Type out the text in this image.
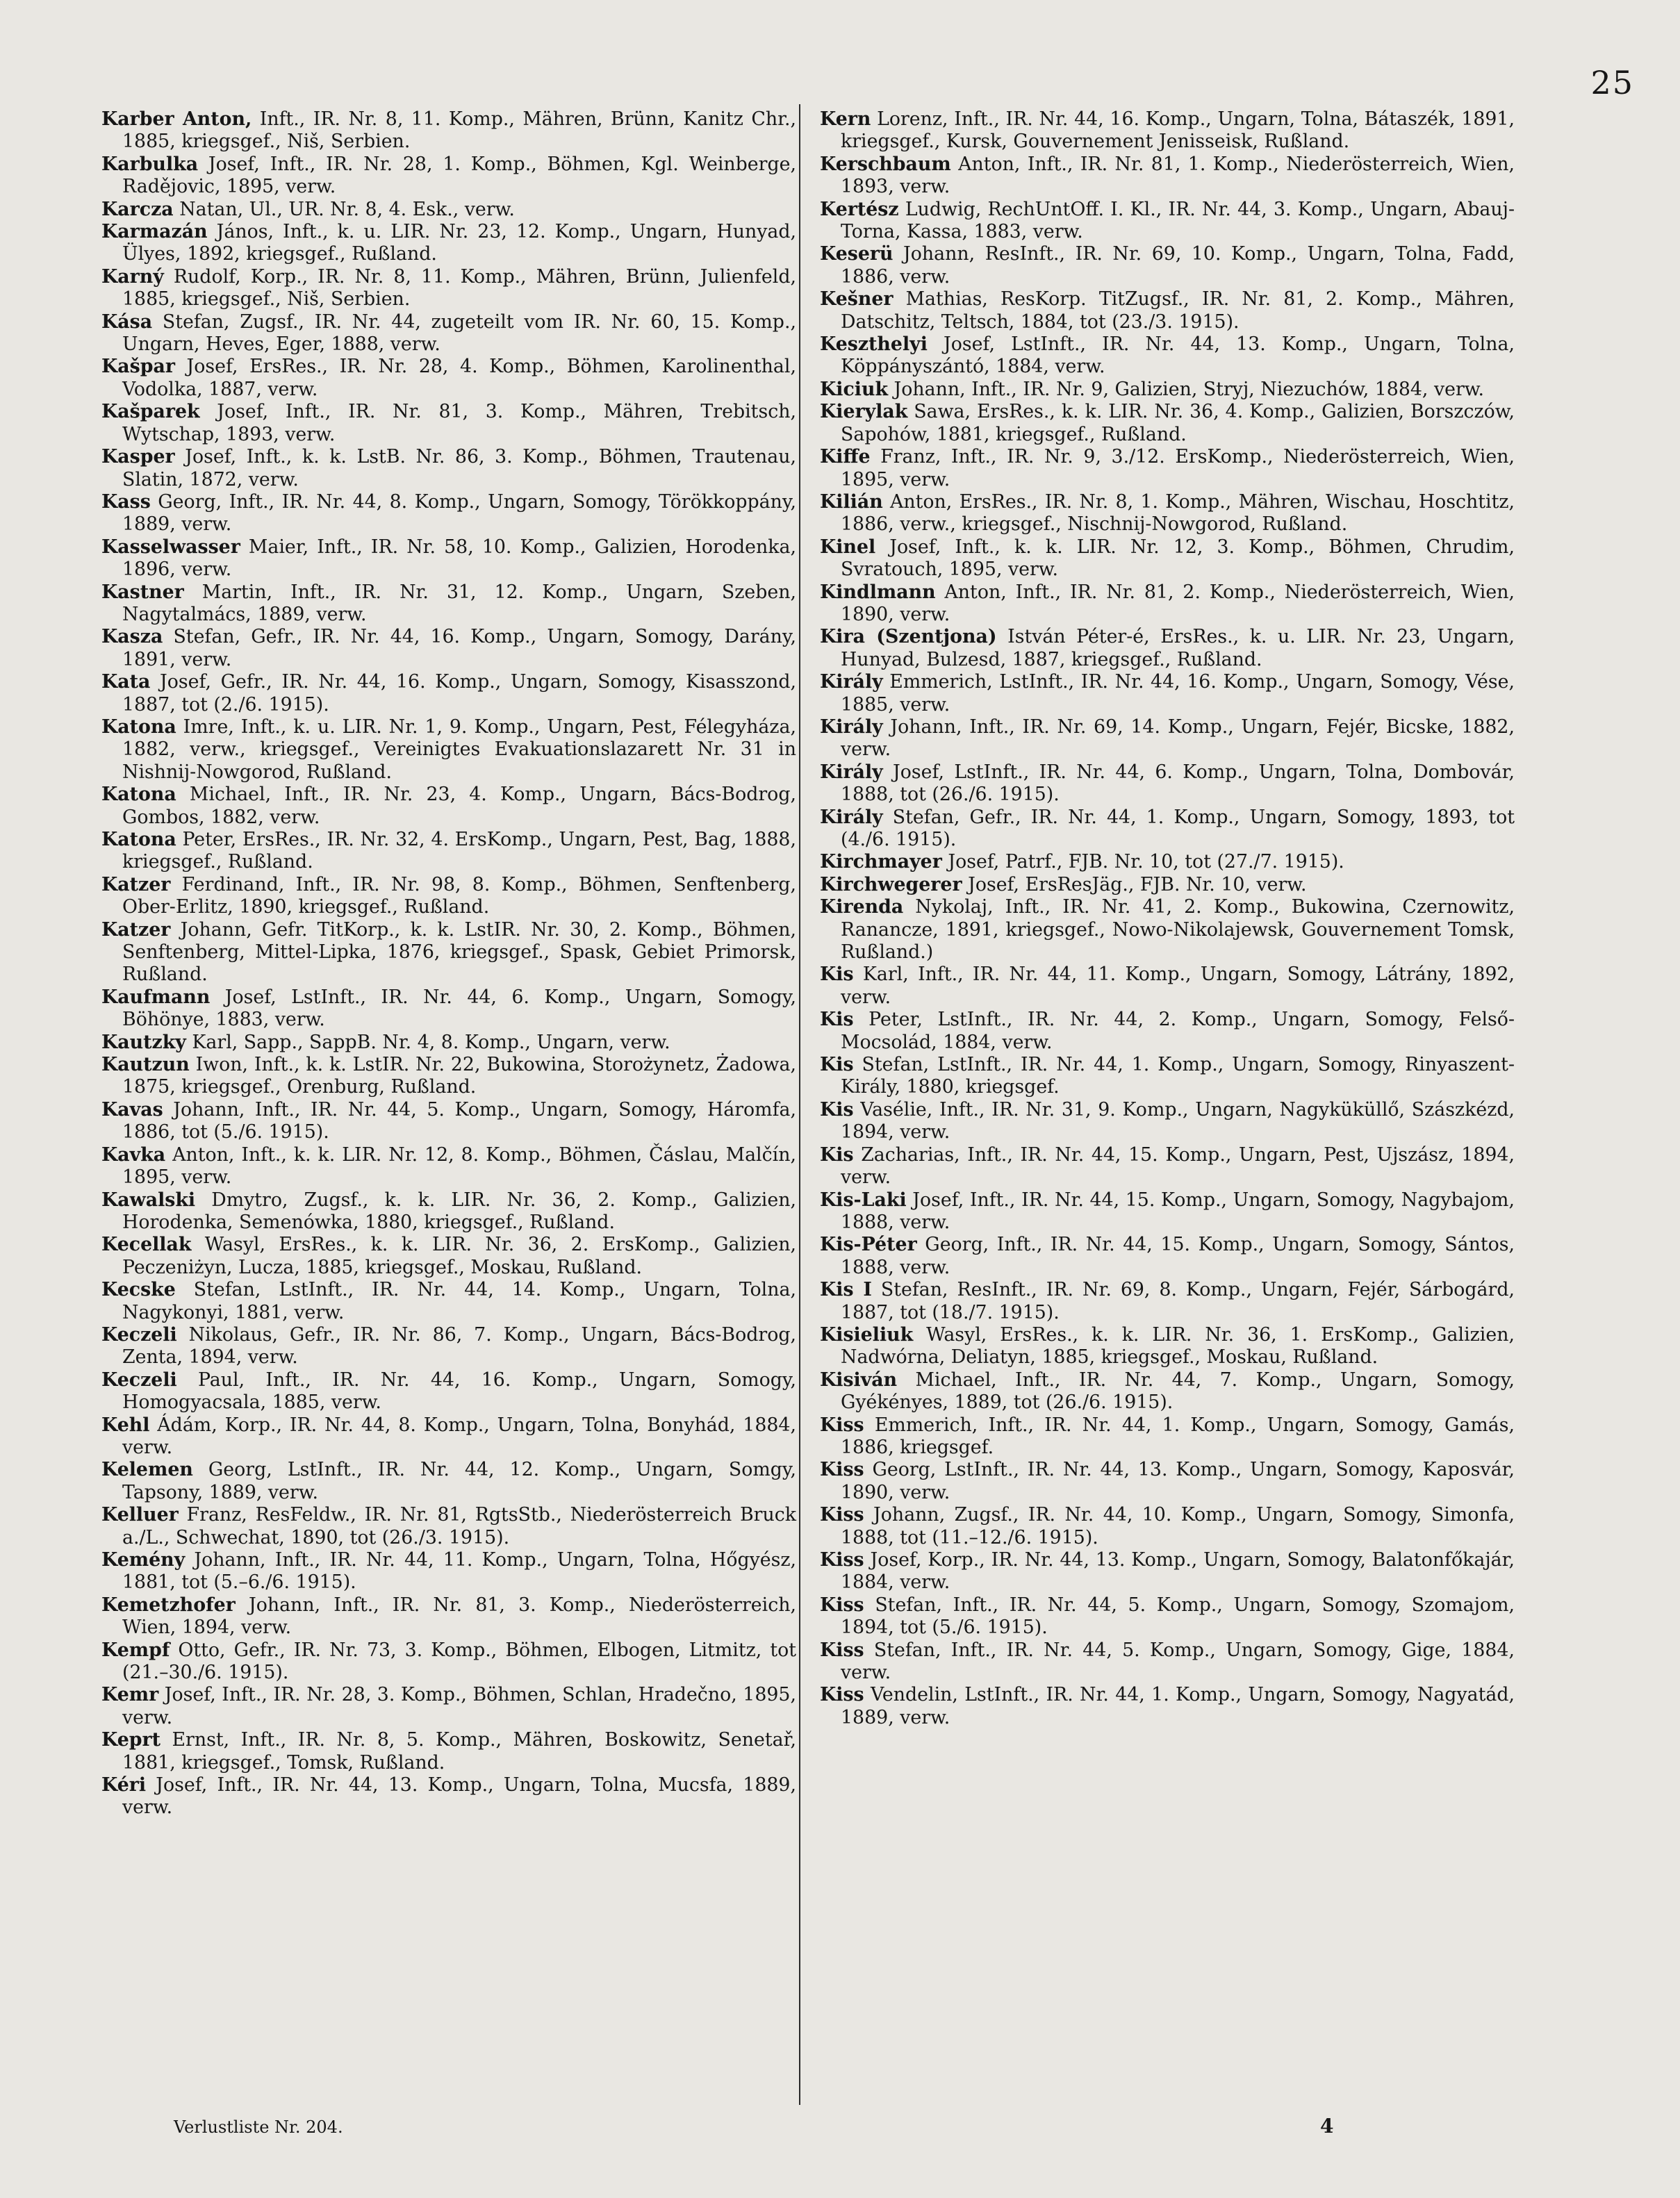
25

Karber Anton, Inft., IR. Nr. 8, 11. Komp., Mähren, Brünn, Kanitz Chr., 1885, kriegsgef., Niš, Serbien.

Karbulka Josef, Inft., IR. Nr. 28, 1. Komp., Böhmen, Kgl. Weinberge, Radějovic, 1895, verw.

Karcza Natan, Ul., UR. Nr. 8, 4. Esk., verw.

Karmazán János, Inft., k. u. LIR. Nr. 23, 12. Komp., Ungarn, Hunyad, Ülyes, 1892, kriegsgef., Rußland.

Karný Rudolf, Korp., IR. Nr. 8, 11. Komp., Mähren, Brünn, Julienfeld, 1885, kriegsgef., Niš, Serbien.

Kása Stefan, Zugsf., IR. Nr. 44, zugeteilt vom IR. Nr. 60, 15. Komp., Ungarn, Heves, Eger, 1888, verw.

Kašpar Josef, ErsRes., IR. Nr. 28, 4. Komp., Böhmen, Karolinenthal, Vodolka, 1887, verw.

Kašparek Josef, Inft., IR. Nr. 81, 3. Komp., Mähren, Trebitsch, Wytschap, 1893, verw.

Kasper Josef, Inft., k. k. LstB. Nr. 86, 3. Komp., Böhmen, Trautenau, Slatin, 1872, verw.

Kass Georg, Inft., IR. Nr. 44, 8. Komp., Ungarn, Somogy, Törökkoppány, 1889, verw.

Kasselwasser Maier, Inft., IR. Nr. 58, 10. Komp., Galizien, Horodenka, 1896, verw.

Kastner Martin, Inft., IR. Nr. 31, 12. Komp., Ungarn, Szeben, Nagytalmács, 1889, verw.

Kasza Stefan, Gefr., IR. Nr. 44, 16. Komp., Ungarn, Somogy, Darány, 1891, verw.

Kata Josef, Gefr., IR. Nr. 44, 16. Komp., Ungarn, Somogy, Kisasszond, 1887, tot (2./6. 1915).

Katona Imre, Inft., k. u. LIR. Nr. 1, 9. Komp., Ungarn, Pest, Félegyháza, 1882, verw., kriegsgef., Vereinigtes Evakuationslazarett Nr. 31 in Nishnij-Nowgorod, Rußland.

Katona Michael, Inft., IR. Nr. 23, 4. Komp., Ungarn, Bács-Bodrog, Gombos, 1882, verw.

Katona Peter, ErsRes., IR. Nr. 32, 4. ErsKomp., Ungarn, Pest, Bag, 1888, kriegsgef., Rußland.

Katzer Ferdinand, Inft., IR. Nr. 98, 8. Komp., Böhmen, Senftenberg, Ober-Erlitz, 1890, kriegsgef., Rußland.

Katzer Johann, Gefr. TitKorp., k. k. LstIR. Nr. 30, 2. Komp., Böhmen, Senftenberg, Mittel-Lipka, 1876, kriegsgef., Spask, Gebiet Primorsk, Rußland.

Kaufmann Josef, LstInft., IR. Nr. 44, 6. Komp., Ungarn, Somogy, Böhönye, 1883, verw.

Kautzky Karl, Sapp., SappB. Nr. 4, 8. Komp., Ungarn, verw.

Kautzun Iwon, Inft., k. k. LstIR. Nr. 22, Bukowina, Storożynetz, Żadowa, 1875, kriegsgef., Orenburg, Rußland.

Kavas Johann, Inft., IR. Nr. 44, 5. Komp., Ungarn, Somogy, Háromfa, 1886, tot (5./6. 1915).

Kavka Anton, Inft., k. k. LIR. Nr. 12, 8. Komp., Böhmen, Čáslau, Malčín, 1895, verw.

Kawalski Dmytro, Zugsf., k. k. LIR. Nr. 36, 2. Komp., Galizien, Horodenka, Semenówka, 1880, kriegsgef., Rußland.

Kecellak Wasyl, ErsRes., k. k. LIR. Nr. 36, 2. ErsKomp., Galizien, Peczeniżyn, Lucza, 1885, kriegsgef., Moskau, Rußland.

Kecske Stefan, LstInft., IR. Nr. 44, 14. Komp., Ungarn, Tolna, Nagykonyi, 1881, verw.

Keczeli Nikolaus, Gefr., IR. Nr. 86, 7. Komp., Ungarn, Bács-Bodrog, Zenta, 1894, verw.

Keczeli Paul, Inft., IR. Nr. 44, 16. Komp., Ungarn, Somogy, Homogyacsala, 1885, verw.

Kehl Ádám, Korp., IR. Nr. 44, 8. Komp., Ungarn, Tolna, Bonyhád, 1884, verw.

Kelemen Georg, LstInft., IR. Nr. 44, 12. Komp., Ungarn, Somgy, Tapsony, 1889, verw.

Kelluer Franz, ResFeldw., IR. Nr. 81, RgtsStb., Niederösterreich Bruck a./L., Schwechat, 1890, tot (26./3. 1915).

Kemény Johann, Inft., IR. Nr. 44, 11. Komp., Ungarn, Tolna, Hőgyész, 1881, tot (5.–6./6. 1915).

Kemetzhofer Johann, Inft., IR. Nr. 81, 3. Komp., Niederösterreich, Wien, 1894, verw.

Kempf Otto, Gefr., IR. Nr. 73, 3. Komp., Böhmen, Elbogen, Litmitz, tot (21.–30./6. 1915).

Kemr Josef, Inft., IR. Nr. 28, 3. Komp., Böhmen, Schlan, Hradečno, 1895, verw.

Keprt Ernst, Inft., IR. Nr. 8, 5. Komp., Mähren, Boskowitz, Senetař, 1881, kriegsgef., Tomsk, Rußland.

Kéri Josef, Inft., IR. Nr. 44, 13. Komp., Ungarn, Tolna, Mucsfa, 1889, verw.

Kern Lorenz, Inft., IR. Nr. 44, 16. Komp., Ungarn, Tolna, Bátaszék, 1891, kriegsgef., Kursk, Gouvernement Jenisseisk, Rußland.

Kerschbaum Anton, Inft., IR. Nr. 81, 1. Komp., Niederösterreich, Wien, 1893, verw.

Kertész Ludwig, RechUntOff. I. Kl., IR. Nr. 44, 3. Komp., Ungarn, Abauj-Torna, Kassa, 1883, verw.

Keserü Johann, ResInft., IR. Nr. 69, 10. Komp., Ungarn, Tolna, Fadd, 1886, verw.

Kešner Mathias, ResKorp. TitZugsf., IR. Nr. 81, 2. Komp., Mähren, Datschitz, Teltsch, 1884, tot (23./3. 1915).

Keszthelyi Josef, LstInft., IR. Nr. 44, 13. Komp., Ungarn, Tolna, Köppányszántó, 1884, verw.

Kiciuk Johann, Inft., IR. Nr. 9, Galizien, Stryj, Niezuchów, 1884, verw.

Kierylak Sawa, ErsRes., k. k. LIR. Nr. 36, 4. Komp., Galizien, Borszczów, Sapohów, 1881, kriegsgef., Rußland.

Kiffe Franz, Inft., IR. Nr. 9, 3./12. ErsKomp., Niederösterreich, Wien, 1895, verw.

Kilián Anton, ErsRes., IR. Nr. 8, 1. Komp., Mähren, Wischau, Hoschtitz, 1886, verw., kriegsgef., Nischnij-Nowgorod, Rußland.

Kinel Josef, Inft., k. k. LIR. Nr. 12, 3. Komp., Böhmen, Chrudim, Svratouch, 1895, verw.

Kindlmann Anton, Inft., IR. Nr. 81, 2. Komp., Niederösterreich, Wien, 1890, verw.

Kira (Szentjona) István Péter-é, ErsRes., k. u. LIR. Nr. 23, Ungarn, Hunyad, Bulzesd, 1887, kriegsgef., Rußland.

Király Emmerich, LstInft., IR. Nr. 44, 16. Komp., Ungarn, Somogy, Vése, 1885, verw.

Király Johann, Inft., IR. Nr. 69, 14. Komp., Ungarn, Fejér, Bicske, 1882, verw.

Király Josef, LstInft., IR. Nr. 44, 6. Komp., Ungarn, Tolna, Dombovár, 1888, tot (26./6. 1915).

Király Stefan, Gefr., IR. Nr. 44, 1. Komp., Ungarn, Somogy, 1893, tot (4./6. 1915).

Kirchmayer Josef, Patrf., FJB. Nr. 10, tot (27./7. 1915).

Kirchwegerer Josef, ErsResJäg., FJB. Nr. 10, verw.

Kirenda Nykolaj, Inft., IR. Nr. 41, 2. Komp., Bukowina, Czernowitz, Ranancze, 1891, kriegsgef., Nowo-Nikolajewsk, Gouvernement Tomsk, Rußland.)

Kis Karl, Inft., IR. Nr. 44, 11. Komp., Ungarn, Somogy, Látrány, 1892, verw.

Kis Peter, LstInft., IR. Nr. 44, 2. Komp., Ungarn, Somogy, Felső-Mocsolád, 1884, verw.

Kis Stefan, LstInft., IR. Nr. 44, 1. Komp., Ungarn, Somogy, Rinyaszent-Király, 1880, kriegsgef.

Kis Vasélie, Inft., IR. Nr. 31, 9. Komp., Ungarn, Nagyküküllő, Szászkézd, 1894, verw.

Kis Zacharias, Inft., IR. Nr. 44, 15. Komp., Ungarn, Pest, Ujszász, 1894, verw.

Kis-Laki Josef, Inft., IR. Nr. 44, 15. Komp., Ungarn, Somogy, Nagybajom, 1888, verw.

Kis-Péter Georg, Inft., IR. Nr. 44, 15. Komp., Ungarn, Somogy, Sántos, 1888, verw.

Kis I Stefan, ResInft., IR. Nr. 69, 8. Komp., Ungarn, Fejér, Sárbogárd, 1887, tot (18./7. 1915).

Kisieliuk Wasyl, ErsRes., k. k. LIR. Nr. 36, 1. ErsKomp., Galizien, Nadwórna, Deliatyn, 1885, kriegsgef., Moskau, Rußland.

Kisiván Michael, Inft., IR. Nr. 44, 7. Komp., Ungarn, Somogy, Gyékényes, 1889, tot (26./6. 1915).

Kiss Emmerich, Inft., IR. Nr. 44, 1. Komp., Ungarn, Somogy, Gamás, 1886, kriegsgef.

Kiss Georg, LstInft., IR. Nr. 44, 13. Komp., Ungarn, Somogy, Kaposvár, 1890, verw.

Kiss Johann, Zugsf., IR. Nr. 44, 10. Komp., Ungarn, Somogy, Simonfa, 1888, tot (11.–12./6. 1915).

Kiss Josef, Korp., IR. Nr. 44, 13. Komp., Ungarn, Somogy, Balatonfőkajár, 1884, verw.

Kiss Stefan, Inft., IR. Nr. 44, 5. Komp., Ungarn, Somogy, Szomajom, 1894, tot (5./6. 1915).

Kiss Stefan, Inft., IR. Nr. 44, 5. Komp., Ungarn, Somogy, Gige, 1884, verw.

Kiss Vendelin, LstInft., IR. Nr. 44, 1. Komp., Ungarn, Somogy, Nagyatád, 1889, verw.

Verlustliste Nr. 204.	4
